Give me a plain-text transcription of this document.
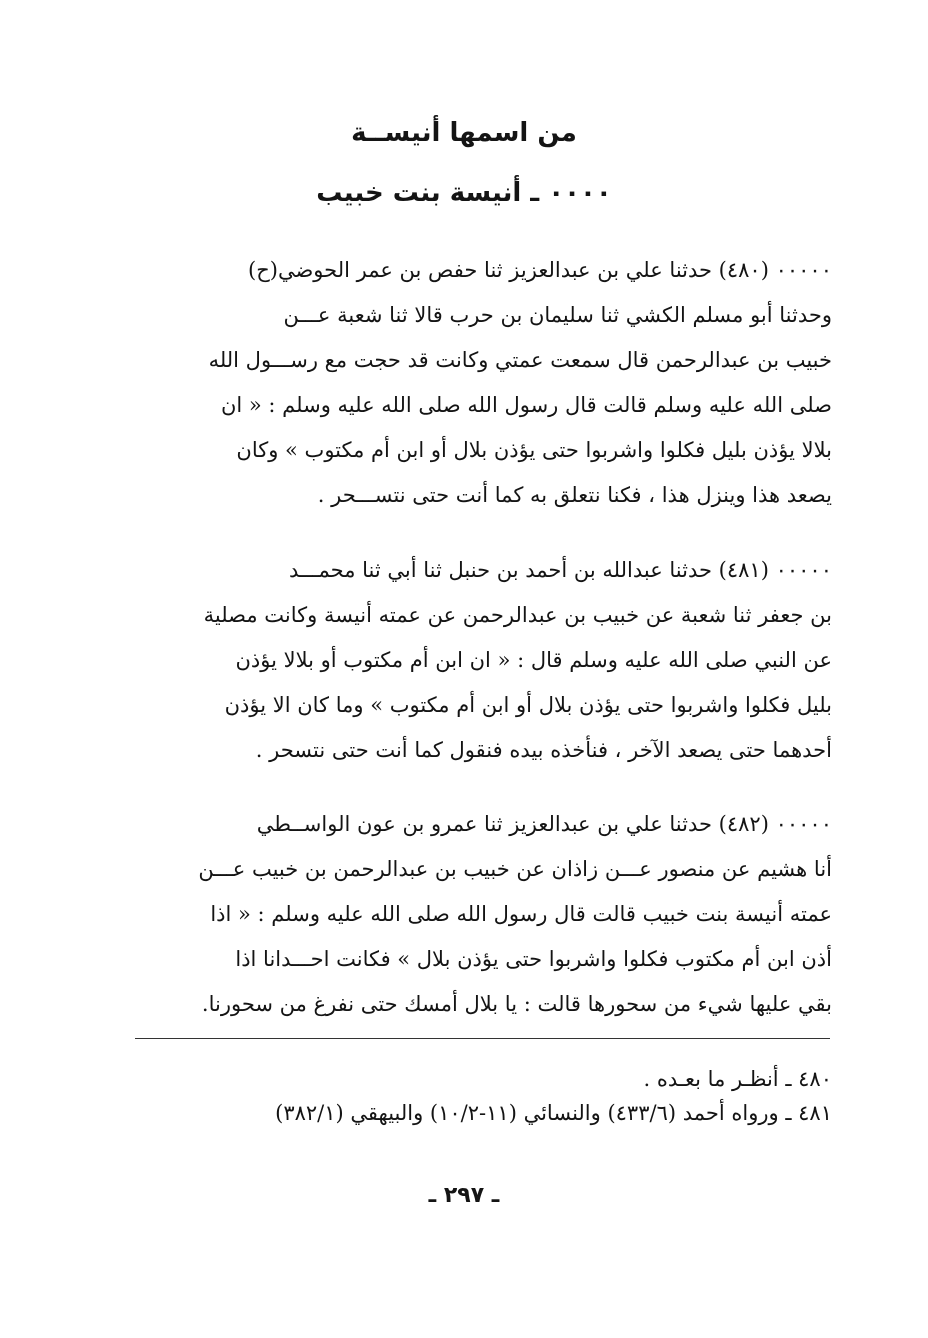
من اسمها أنيســة
٠٠٠٠ ـ أنيسة بنت خبيب
٠٠٠٠٠ (٤٨٠) حدثنا علي بن عبدالعزيز ثنا حفص بن عمر الحوضي(ح)
وحدثنا أبو مسلم الكشي ثنا سليمان بن حرب قالا ثنا شعبة عـــن
خبيب بن عبدالرحمن قال سمعت عمتي وكانت قد حجت مع رســـول الله
صلى الله عليه وسلم قالت قال رسول الله صلى الله عليه وسلم : « ان
بلالا يؤذن بليل فكلوا واشربوا حتى يؤذن بلال أو ابن أم مكتوب » وكان
يصعد هذا وينزل هذا ، فكنا نتعلق به كما أنت حتى نتســـحر .
٠٠٠٠٠ (٤٨١) حدثنا عبدالله بن أحمد بن حنبل ثنا أبي ثنا محمـــد
بن جعفر ثنا شعبة عن خبيب بن عبدالرحمن عن عمته أنيسة وكانت مصلية
عن النبي صلى الله عليه وسلم قال : « ان ابن أم مكتوب أو بلالا يؤذن
بليل فكلوا واشربوا حتى يؤذن بلال أو ابن أم مكتوب » وما كان الا يؤذن
أحدهما حتى يصعد الآخر ، فنأخذه بيده فنقول كما أنت حتى نتسحر .
٠٠٠٠٠ (٤٨٢) حدثنا علي بن عبدالعزيز ثنا عمرو بن عون الواســطي
أنا هشيم عن منصور عـــن زاذان عن خبيب بن عبدالرحمن بن خبيب عـــن
عمته أنيسة بنت خبيب قالت قال رسول الله صلى الله عليه وسلم : « اذا
أذن ابن أم مكتوب فكلوا واشربوا حتى يؤذن بلال » فكانت احـــدانا اذا
بقي عليها شيء من سحورها قالت : يا بلال أمسك حتى نفرغ من سحورنا.
٤٨٠ ـ أنظـر ما بعـده .
٤٨١ ـ ورواه أحمد (٤٣٣/٦) والنسائي (١١-١٠/٢) والبيهقي (٣٨٢/١)
ـ ٢٩٧ ـ
